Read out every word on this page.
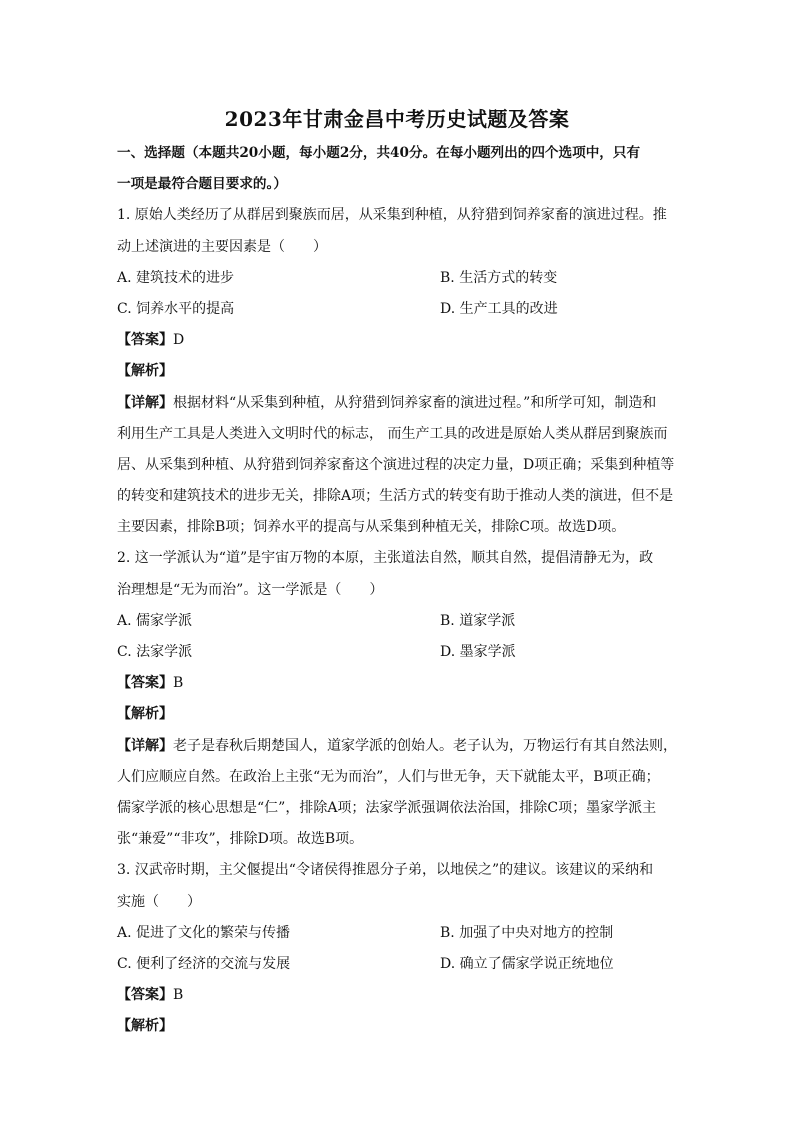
2023年甘肃金昌中考历史试题及答案
一、选择题（本题共20小题，每小题2分，共40分。在每小题列出的四个选项中，只有
一项是最符合题目要求的。）
1. 原始人类经历了从群居到聚族而居，从采集到种植，从狩猎到饲养家畜的演进过程。推
动上述演进的主要因素是（　　）
A. 建筑技术的进步	B. 生活方式的转变
C. 饲养水平的提高	D. 生产工具的改进
【答案】D
【解析】
【详解】根据材料“从采集到种植，从狩猎到饲养家畜的演进过程。”和所学可知，制造和
利用生产工具是人类进入文明时代的标志， 而生产工具的改进是原始人类从群居到聚族而
居、从采集到种植、从狩猎到饲养家畜这个演进过程的决定力量，D项正确；采集到种植等
的转变和建筑技术的进步无关，排除A项；生活方式的转变有助于推动人类的演进，但不是
主要因素，排除B项；饲养水平的提高与从采集到种植无关，排除C项。故选D项。
2. 这一学派认为“道”是宇宙万物的本原，主张道法自然，顺其自然，提倡清静无为，政
治理想是“无为而治”。这一学派是（　　）
A. 儒家学派	B. 道家学派
C. 法家学派	D. 墨家学派
【答案】B
【解析】
【详解】老子是春秋后期楚国人，道家学派的创始人。老子认为，万物运行有其自然法则，
人们应顺应自然。在政治上主张“无为而治”，人们与世无争，天下就能太平，B项正确；
儒家学派的核心思想是“仁”，排除A项；法家学派强调依法治国，排除C项；墨家学派主
张“兼爱”“非攻”，排除D项。故选B项。
3. 汉武帝时期，主父偃提出“令诸侯得推恩分子弟，以地侯之”的建议。该建议的采纳和
实施（　　）
A. 促进了文化的繁荣与传播	B. 加强了中央对地方的控制
C. 便利了经济的交流与发展	D. 确立了儒家学说正统地位
【答案】B
【解析】
